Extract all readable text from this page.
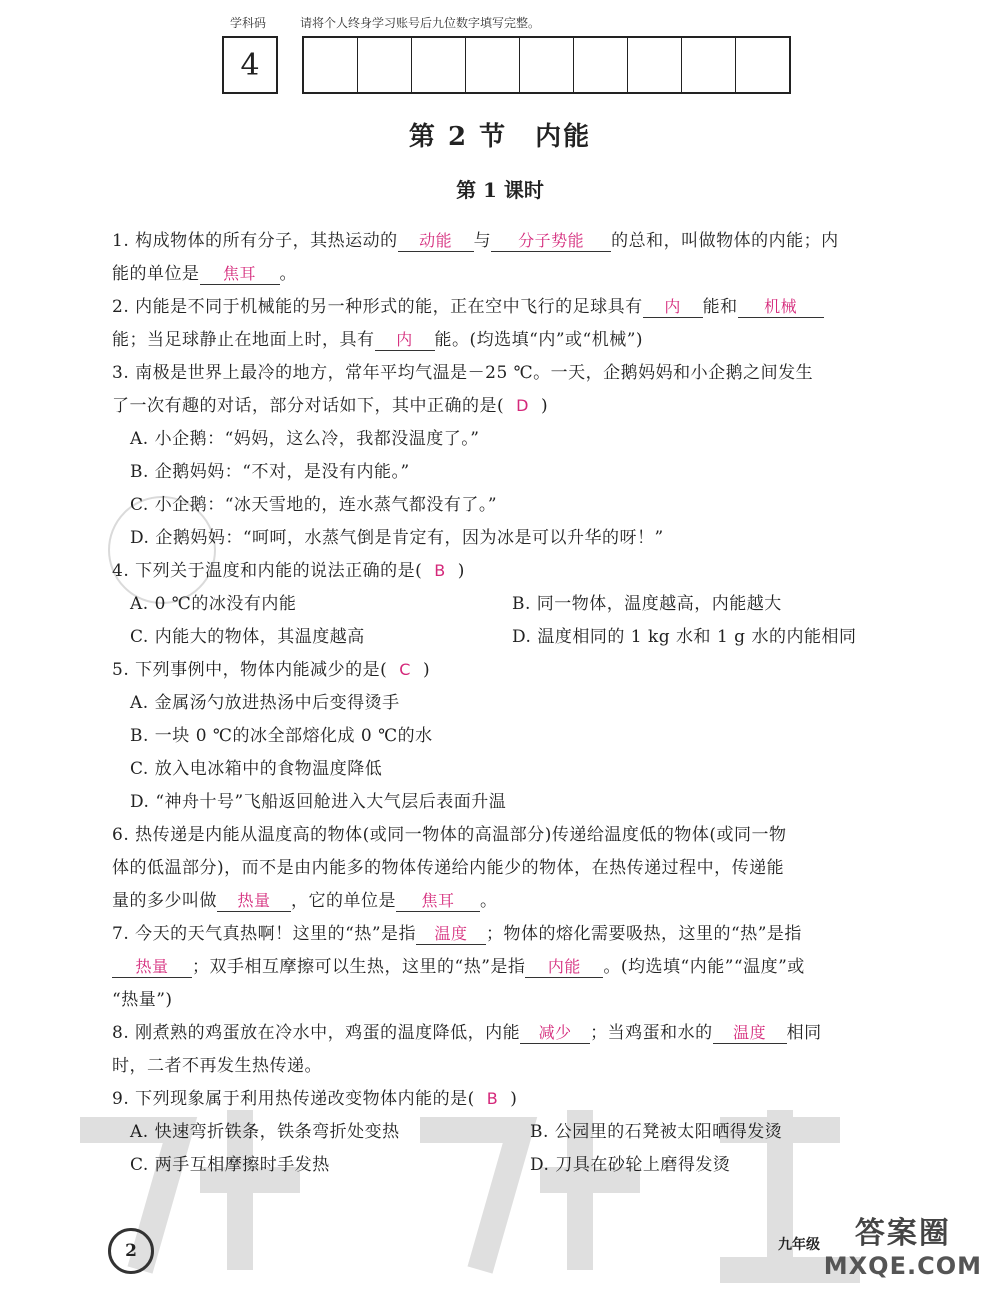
学科码	请将个人终身学习账号后九位数字填写完整。
4
第 2 节　内能
第 1 课时
1. 构成物体的所有分子，其热运动的 动能 与 分子势能 的总和，叫做物体的内能；内
能的单位是 焦耳 。
2. 内能是不同于机械能的另一种形式的能，正在空中飞行的足球具有 内 能和 机械
能；当足球静止在地面上时，具有 内 能。(均选填“内”或“机械”)
3. 南极是世界上最冷的地方，常年平均气温是－25 ℃。一天，企鹅妈妈和小企鹅之间发生
了一次有趣的对话，部分对话如下，其中正确的是( D )
A. 小企鹅：“妈妈，这么冷，我都没温度了。”
B. 企鹅妈妈：“不对，是没有内能。”
C. 小企鹅：“冰天雪地的，连水蒸气都没有了。”
D. 企鹅妈妈：“呵呵，水蒸气倒是肯定有，因为冰是可以升华的呀！”
4. 下列关于温度和内能的说法正确的是( B )
A. 0 ℃的冰没有内能	B. 同一物体，温度越高，内能越大
C. 内能大的物体，其温度越高	D. 温度相同的 1 kg 水和 1 g 水的内能相同
5. 下列事例中，物体内能减少的是( C )
A. 金属汤勺放进热汤中后变得烫手
B. 一块 0 ℃的冰全部熔化成 0 ℃的水
C. 放入电冰箱中的食物温度降低
D. “神舟十号”飞船返回舱进入大气层后表面升温
6. 热传递是内能从温度高的物体(或同一物体的高温部分)传递给温度低的物体(或同一物
体的低温部分)，而不是由内能多的物体传递给内能少的物体，在热传递过程中，传递能
量的多少叫做 热量 ，它的单位是 焦耳 。
7. 今天的天气真热啊！这里的“热”是指 温度 ；物体的熔化需要吸热，这里的“热”是指
热量 ；双手相互摩擦可以生热，这里的“热”是指 内能 。(均选填“内能”“温度”或
“热量”)
8. 刚煮熟的鸡蛋放在冷水中，鸡蛋的温度降低，内能 减少 ；当鸡蛋和水的 温度 相同
时，二者不再发生热传递。
9. 下列现象属于利用热传递改变物体内能的是( B )
A. 快速弯折铁条，铁条弯折处变热	B. 公园里的石凳被太阳晒得发烫
C. 两手互相摩擦时手发热	D. 刀具在砂轮上磨得发烫
2	九年级	答案圈
MXQE.COM
